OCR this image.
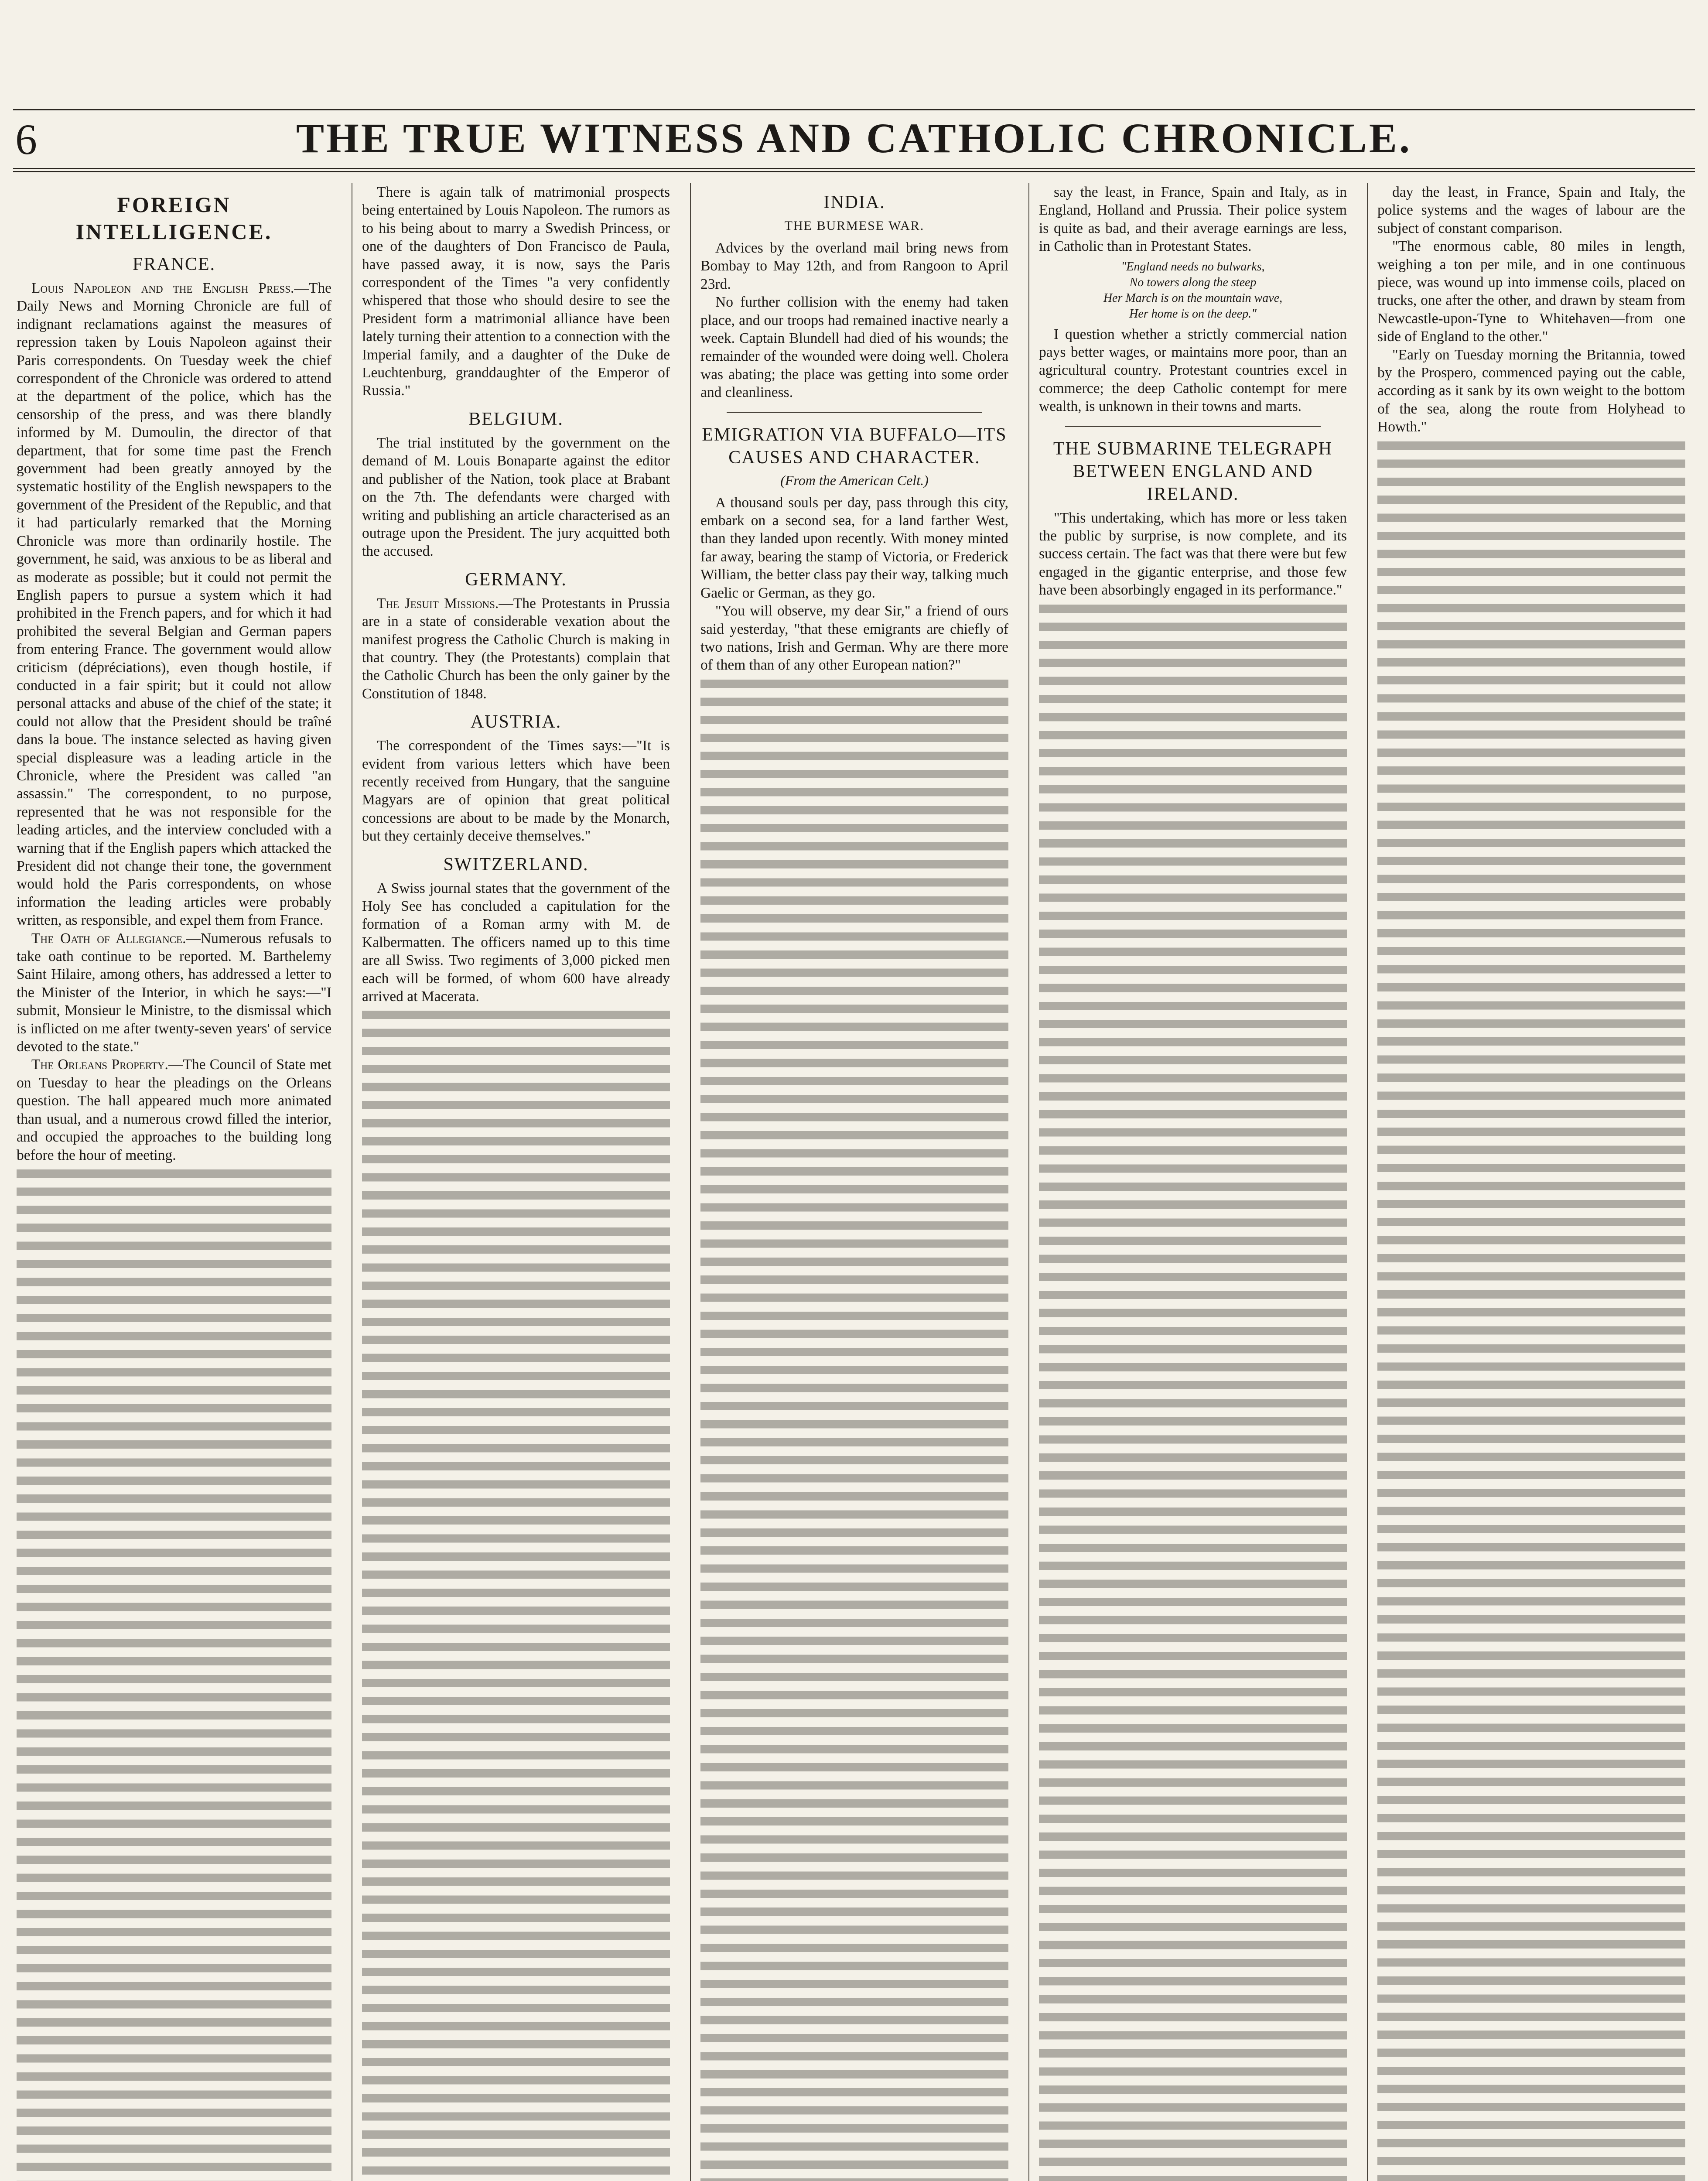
6	THE TRUE WITNESS AND CATHOLIC CHRONICLE.
FOREIGN INTELLIGENCE.
FRANCE.

Louis Napoleon and the English Press.—The Daily News and Morning Chronicle are full of indignant reclamations against the measures of repression taken by Louis Napoleon against their Paris correspondents. On Tuesday week the chief correspondent of the Chronicle was ordered to attend at the department of the police, which has the censorship of the press, and was there blandly informed by M. Dumoulin, the director of that department, that for some time past the French government had been greatly annoyed by the systematic hostility of the English newspapers to the government of the President of the Republic, and that it had particularly remarked that the Morning Chronicle was more than ordinarily hostile. The government, he said, was anxious to be as liberal and as moderate as possible; but it could not permit the English papers to pursue a system which it had prohibited in the French papers, and for which it had prohibited the several Belgian and German papers from entering France. The government would allow criticism (dépréciations), even though hostile, if conducted in a fair spirit; but it could not allow personal attacks and abuse of the chief of the state; it could not allow that the President should be traîné dans la boue. The instance selected as having given special displeasure was a leading article in the Chronicle, where the President was called "an assassin." The correspondent, to no purpose, represented that he was not responsible for the leading articles, and the interview concluded with a warning that if the English papers which attacked the President did not change their tone, the government would hold the Paris correspondents, on whose information the leading articles were probably written, as responsible, and expel them from France.

The Oath of Allegiance.—Numerous refusals to take oath continue to be reported. M. Barthelemy Saint Hilaire, among others, has addressed a letter to the Minister of the Interior, in which he says:—"I submit, Monsieur le Ministre, to the dismissal which is inflicted on me after twenty-seven years' of service devoted to the state."

The Orleans Property.—The Council of State met on Tuesday to hear the pleadings on the Orleans question. The hall appeared much more animated than usual, and a numerous crowd filled the interior, and occupied the approaches to the building long before the hour of meeting.

There is again talk of matrimonial prospects being entertained by Louis Napoleon. The rumors as to his being about to marry a Swedish Princess, or one of the daughters of Don Francisco de Paula, have passed away, it is now, says the Paris correspondent of the Times "a very confidently whispered that those who should desire to see the President form a matrimonial alliance have been lately turning their attention to a connection with the Imperial family, and a daughter of the Duke de Leuchtenburg, granddaughter of the Emperor of Russia."

BELGIUM.

The trial instituted by the government on the demand of M. Louis Bonaparte against the editor and publisher of the Nation, took place at Brabant on the 7th. The defendants were charged with writing and publishing an article characterised as an outrage upon the President. The jury acquitted both the accused.

GERMANY.

The Jesuit Missions.—The Protestants in Prussia are in a state of considerable vexation about the manifest progress the Catholic Church is making in that country. They (the Protestants) complain that the Catholic Church has been the only gainer by the Constitution of 1848.

AUSTRIA.

The correspondent of the Times says:—"It is evident from various letters which have been recently received from Hungary, that the sanguine Magyars are of opinion that great political concessions are about to be made by the Monarch, but they certainly deceive themselves."

SWITZERLAND.

A Swiss journal states that the government of the Holy See has concluded a capitulation for the formation of a Roman army with M. de Kalbermatten. The officers named up to this time are all Swiss. Two regiments of 3,000 picked men each will be formed, of whom 600 have already arrived at Macerata.

INDIA.
THE BURMESE WAR.

Advices by the overland mail bring news from Bombay to May 12th, and from Rangoon to April 23rd.

No further collision with the enemy had taken place, and our troops had remained inactive nearly a week. Captain Blundell had died of his wounds; the remainder of the wounded were doing well. Cholera was abating; the place was getting into some order and cleanliness.

EMIGRATION VIA BUFFALO—ITS CAUSES AND CHARACTER.
(From the American Celt.)

A thousand souls per day, pass through this city, embark on a second sea, for a land farther West, than they landed upon recently. With money minted far away, bearing the stamp of Victoria, or Frederick William, the better class pay their way, talking much Gaelic or German, as they go.

"You will observe, my dear Sir," a friend of ours said yesterday, "that these emigrants are chiefly of two nations, Irish and German. Why are there more of them than of any other European nation?"

say the least, in France, Spain and Italy, as in England, Holland and Prussia. Their police system is quite as bad, and their average earnings are less, in Catholic than in Protestant States.

"England needs no bulwarks,
No towers along the steep
Her March is on the mountain wave,
Her home is on the deep."

I question whether a strictly commercial nation pays better wages, or maintains more poor, than an agricultural country. Protestant countries excel in commerce; the deep Catholic contempt for mere wealth, is unknown in their towns and marts.

THE SUBMARINE TELEGRAPH BETWEEN ENGLAND AND IRELAND.

"This undertaking, which has more or less taken the public by surprise, is now complete, and its success certain. The fact was that there were but few engaged in the gigantic enterprise, and those few have been absorbingly engaged in its performance."

day the least, in France, Spain and Italy, the police systems and the wages of labour are the subject of constant comparison.

"The enormous cable, 80 miles in length, weighing a ton per mile, and in one continuous piece, was wound up into immense coils, placed on trucks, one after the other, and drawn by steam from Newcastle-upon-Tyne to Whitehaven—from one side of England to the other."

"Early on Tuesday morning the Britannia, towed by the Prospero, commenced paying out the cable, according as it sank by its own weight to the bottom of the sea, along the route from Holyhead to Howth."
